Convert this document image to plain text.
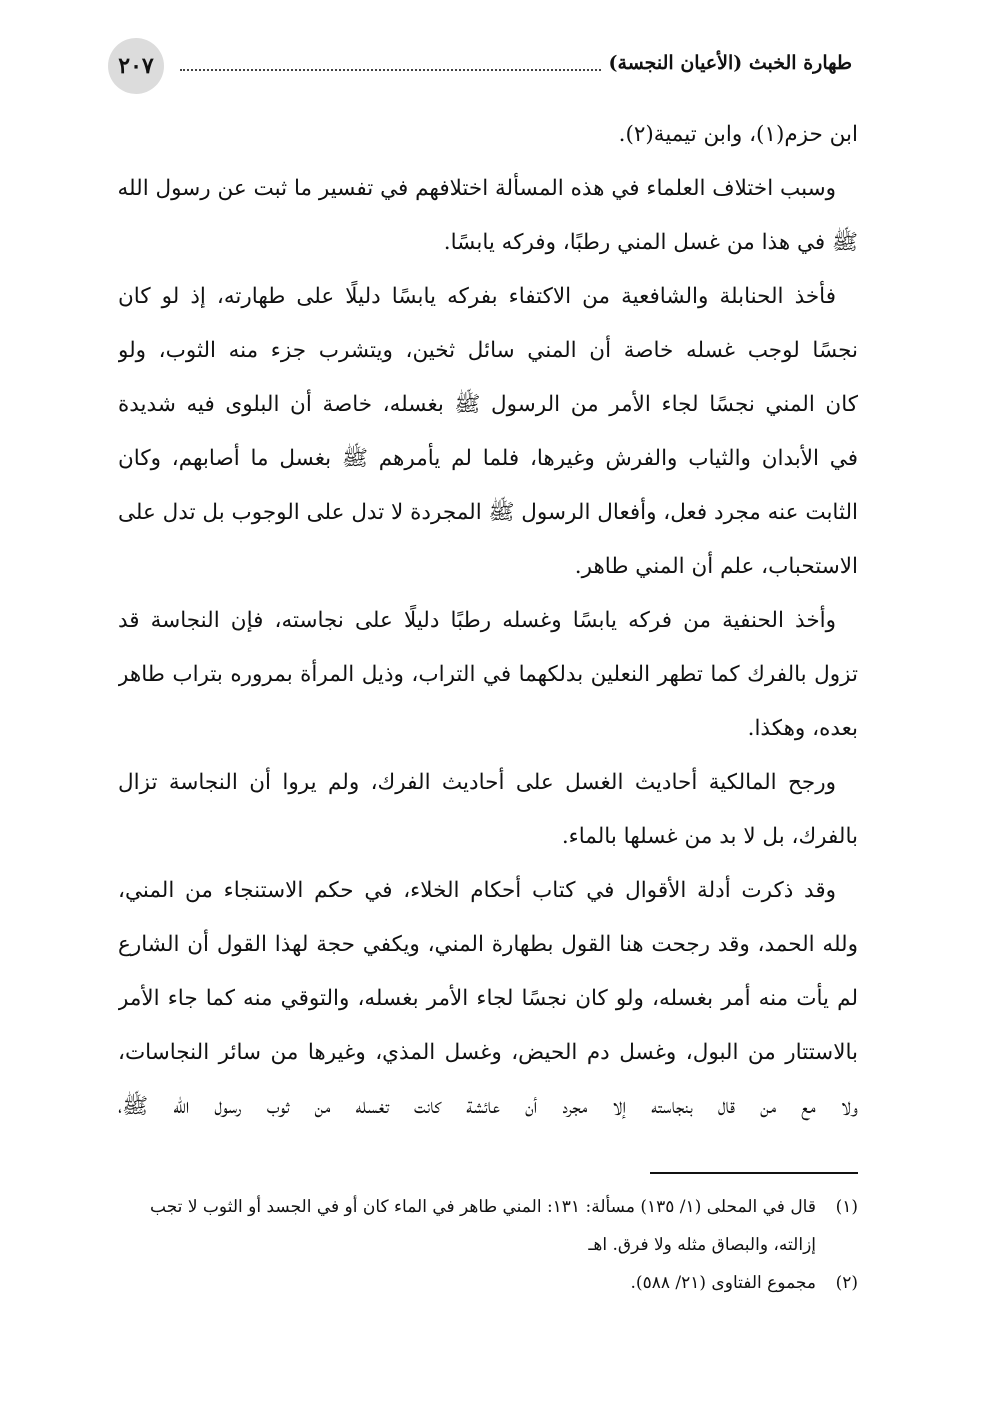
٢٠٧	طهارة الخبث (الأعيان النجسة)
ابن حزم(١)، وابن تيمية(٢).
وسبب اختلاف العلماء في هذه المسألة اختلافهم في تفسير ما ثبت عن رسول الله
ﷺ في هذا من غسل المني رطبًا، وفركه يابسًا.
فأخذ الحنابلة والشافعية من الاكتفاء بفركه يابسًا دليلًا على طهارته، إذ لو كان
نجسًا لوجب غسله خاصة أن المني سائل ثخين، ويتشرب جزء منه الثوب، ولو
كان المني نجسًا لجاء الأمر من الرسول ﷺ بغسله، خاصة أن البلوى فيه شديدة
في الأبدان والثياب والفرش وغيرها، فلما لم يأمرهم ﷺ بغسل ما أصابهم، وكان
الثابت عنه مجرد فعل، وأفعال الرسول ﷺ المجردة لا تدل على الوجوب بل تدل على
الاستحباب، علم أن المني طاهر.
وأخذ الحنفية من فركه يابسًا وغسله رطبًا دليلًا على نجاسته، فإن النجاسة قد
تزول بالفرك كما تطهر النعلين بدلكهما في التراب، وذيل المرأة بمروره بتراب طاهر
بعده، وهكذا.
ورجح المالكية أحاديث الغسل على أحاديث الفرك، ولم يروا أن النجاسة تزال
بالفرك، بل لا بد من غسلها بالماء.
وقد ذكرت أدلة الأقوال في كتاب أحكام الخلاء، في حكم الاستنجاء من المني،
ولله الحمد، وقد رجحت هنا القول بطهارة المني، ويكفي حجة لهذا القول أن الشارع
لم يأت منه أمر بغسله، ولو كان نجسًا لجاء الأمر بغسله، والتوقي منه كما جاء الأمر
بالاستتار من البول، وغسل دم الحيض، وغسل المذي، وغيرها من سائر النجاسات،
ولا مع من قال بنجاسته إلا مجرد أن عائشة كانت تغسله من ثوب رسول الله ﷺ،
(١)قال في المحلى (١/ ١٣٥) مسألة: ١٣١: المني طاهر في الماء كان أو في الجسد أو الثوب لا تجب
إزالته، والبصاق مثله ولا فرق. اهـ
(٢)مجموع الفتاوى (٢١/ ٥٨٨).
